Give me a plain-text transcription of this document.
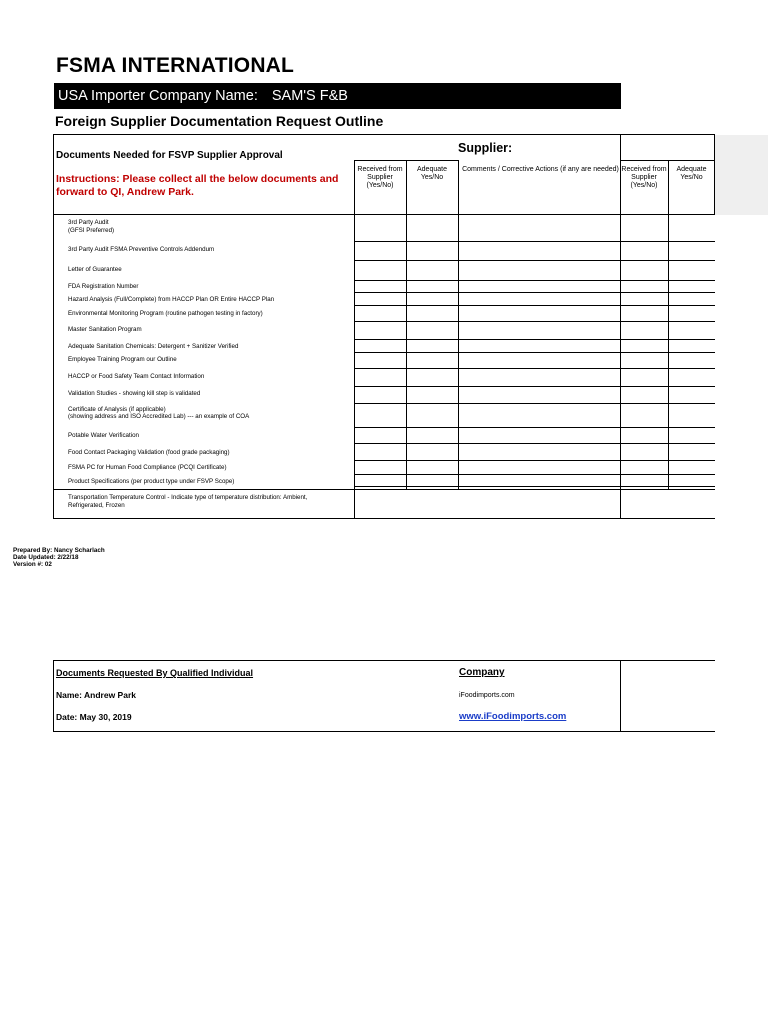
FSMA INTERNATIONAL
USA Importer Company Name: SAM'S F&B
Foreign Supplier Documentation Request Outline
Documents Needed for FSVP Supplier Approval
Instructions: Please collect all the below documents and forward to QI, Andrew Park.
Supplier:
Received from Supplier (Yes/No)
Adequate Yes/No
Comments / Corrective Actions (if any are needed) Received from Supplier (Yes/No)
Adequate Yes/No
3rd Party Audit
(GFSI Preferred)
3rd Party Audit FSMA Preventive Controls Addendum
Letter of Guarantee
FDA Registration Number
Hazard Analysis (Full/Complete) from HACCP Plan OR Entire HACCP Plan
Environmental Monitoring Program (routine pathogen testing in factory)
Master Sanitation Program
Adequate Sanitation Chemicals: Detergent + Sanitizer Verified
Employee Training Program our Outline
HACCP or Food Safety Team Contact Information
Validation Studies - showing kill step is validated
Certificate of Analysis (if applicable)
(showing address and ISO Accredited Lab) --- an example of COA
Potable Water Verification
Food Contact Packaging Validation (food grade packaging)
FSMA PC for Human Food Compliance (PCQI Certificate)
Product Specifications (per product type under FSVP Scope)
Transportation Temperature Control - Indicate type of temperature distribution: Ambient,
Refrigerated, Frozen
Prepared By: Nancy Scharlach
Date Updated: 2/22/18
Version #: 02
Documents Requested By Qualified Individual
Name: Andrew Park
Date: May 30, 2019
Company
iFoodimports.com
www.iFoodimports.com
